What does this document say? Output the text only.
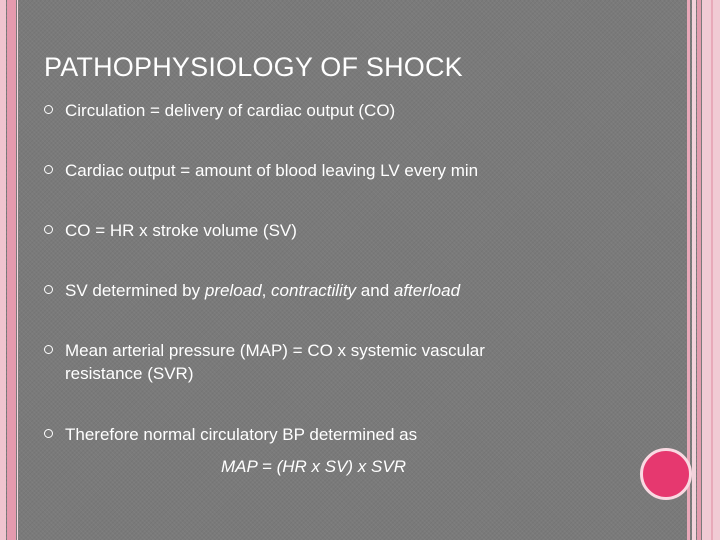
PATHOPHYSIOLOGY OF SHOCK
Circulation = delivery of cardiac output (CO)
Cardiac output = amount of blood leaving LV every min
CO = HR x stroke volume (SV)
SV determined by preload, contractility and afterload
Mean arterial pressure (MAP) = CO x systemic vascular
resistance (SVR)
Therefore normal circulatory BP determined as
MAP = (HR x SV) x SVR
